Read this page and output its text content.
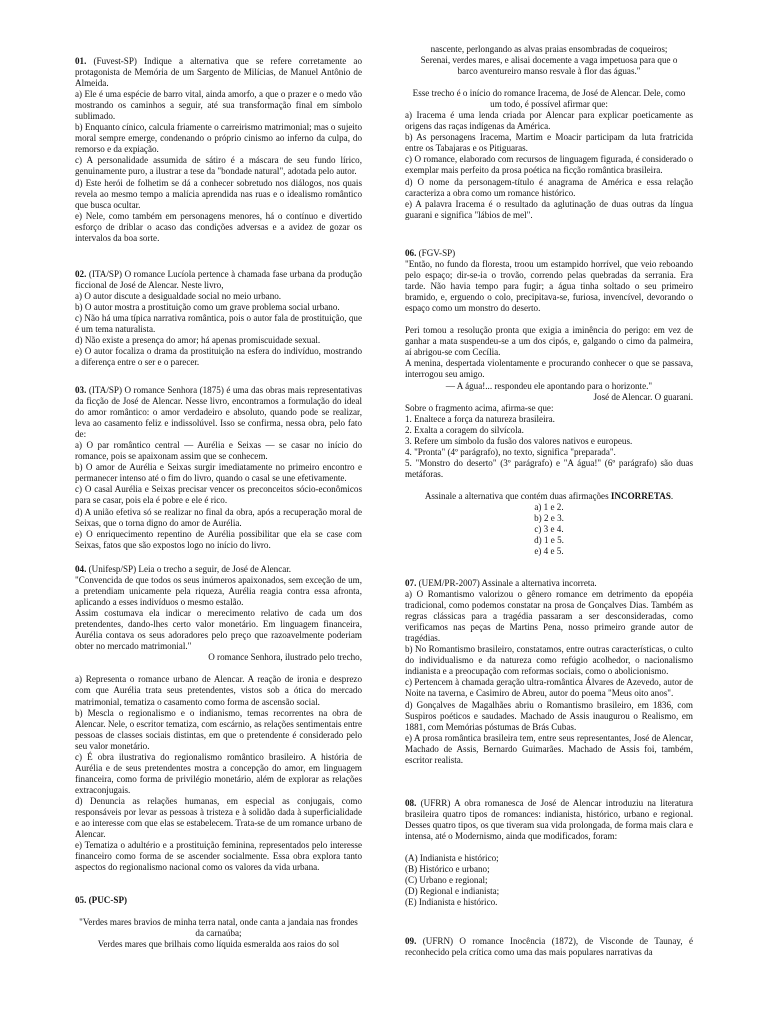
01. (Fuvest-SP) Indique a alternativa que se refere corretamente ao protagonista de Memória de um Sargento de Milícias, de Manuel Antônio de Almeida.

a) Ele é uma espécie de barro vital, ainda amorfo, a que o prazer e o medo vão mostrando os caminhos a seguir, até sua transformação final em símbolo sublimado.

b) Enquanto cínico, calcula friamente o carreirismo matrimonial; mas o sujeito moral sempre emerge, condenando o próprio cinismo ao inferno da culpa, do remorso e da expiação.

c) A personalidade assumida de sátiro é a máscara de seu fundo lírico, genuinamente puro, a ilustrar a tese da "bondade natural", adotada pelo autor.

d) Este herói de folhetim se dá a conhecer sobretudo nos diálogos, nos quais revela ao mesmo tempo a malícia aprendida nas ruas e o idealismo romântico que busca ocultar.

e) Nele, como também em personagens menores, há o contínuo e divertido esforço de driblar o acaso das condições adversas e a avidez de gozar os intervalos da boa sorte.

02. (ITA/SP) O romance Lucíola pertence à chamada fase urbana da produção ficcional de José de Alencar. Neste livro,

a) O autor discute a desigualdade social no meio urbano.

b) O autor mostra a prostituição como um grave problema social urbano.

c) Não há uma típica narrativa romântica, pois o autor fala de prostituição, que é um tema naturalista.

d) Não existe a presença do amor; há apenas promiscuidade sexual.

e) O autor focaliza o drama da prostituição na esfera do indivíduo, mostrando a diferença entre o ser e o parecer.

03. (ITA/SP) O romance Senhora (1875) é uma das obras mais representativas da ficção de José de Alencar. Nesse livro, encontramos a formulação do ideal do amor romântico: o amor verdadeiro e absoluto, quando pode se realizar, leva ao casamento feliz e indissolúvel. Isso se confirma, nessa obra, pelo fato de:

a) O par romântico central — Aurélia e Seixas — se casar no início do romance, pois se apaixonam assim que se conhecem.

b) O amor de Aurélia e Seixas surgir imediatamente no primeiro encontro e permanecer intenso até o fim do livro, quando o casal se une efetivamente.

c) O casal Aurélia e Seixas precisar vencer os preconceitos sócio-econômicos para se casar, pois ela é pobre e ele é rico.

d) A união efetiva só se realizar no final da obra, após a recuperação moral de Seixas, que o torna digno do amor de Aurélia.

e) O enriquecimento repentino de Aurélia possibilitar que ela se case com Seixas, fatos que são expostos logo no início do livro.

04. (Unifesp/SP) Leia o trecho a seguir, de José de Alencar.

"Convencida de que todos os seus inúmeros apaixonados, sem exceção de um, a pretendiam unicamente pela riqueza, Aurélia reagia contra essa afronta, aplicando a esses indivíduos o mesmo estalão.

Assim costumava ela indicar o merecimento relativo de cada um dos pretendentes, dando-lhes certo valor monetário. Em linguagem financeira, Aurélia contava os seus adoradores pelo preço que razoavelmente poderiam obter no mercado matrimonial."

O romance Senhora, ilustrado pelo trecho,

a) Representa o romance urbano de Alencar. A reação de ironia e desprezo com que Aurélia trata seus pretendentes, vistos sob a ótica do mercado matrimonial, tematiza o casamento como forma de ascensão social.

b) Mescla o regionalismo e o indianismo, temas recorrentes na obra de Alencar. Nele, o escritor tematiza, com escárnio, as relações sentimentais entre pessoas de classes sociais distintas, em que o pretendente é considerado pelo seu valor monetário.

c) É obra ilustrativa do regionalismo romântico brasileiro. A história de Aurélia e de seus pretendentes mostra a concepção do amor, em linguagem financeira, como forma de privilégio monetário, além de explorar as relações extraconjugais.

d) Denuncia as relações humanas, em especial as conjugais, como responsáveis por levar as pessoas à tristeza e à solidão dada à superficialidade e ao interesse com que elas se estabelecem. Trata-se de um romance urbano de Alencar.

e) Tematiza o adultério e a prostituição feminina, representados pelo interesse financeiro como forma de se ascender socialmente. Essa obra explora tanto aspectos do regionalismo nacional como os valores da vida urbana.

05. (PUC-SP)

"Verdes mares bravios de minha terra natal, onde canta a jandaia nas frondes da carnaúba;

Verdes mares que brilhais como líquida esmeralda aos raios do sol

nascente, perlongando as alvas praias ensombradas de coqueiros;

Serenai, verdes mares, e alisai docemente a vaga impetuosa para que o

barco aventureiro manso resvale à flor das águas."

Esse trecho é o início do romance Iracema, de José de Alencar. Dele, como

um todo, é possível afirmar que:

a) Iracema é uma lenda criada por Alencar para explicar poeticamente as origens das raças indígenas da América.

b) As personagens Iracema, Martim e Moacir participam da luta fratricida entre os Tabajaras e os Pitiguaras.

c) O romance, elaborado com recursos de linguagem figurada, é considerado o exemplar mais perfeito da prosa poética na ficção romântica brasileira.

d) O nome da personagem-título é anagrama de América e essa relação caracteriza a obra como um romance histórico.

e) A palavra Iracema é o resultado da aglutinação de duas outras da língua guarani e significa "lábios de mel".

06. (FGV-SP)

"Então, no fundo da floresta, troou um estampido horrível, que veio reboando pelo espaço; dir-se-ia o trovão, correndo pelas quebradas da serrania. Era tarde. Não havia tempo para fugir; a água tinha soltado o seu primeiro bramido, e, erguendo o colo, precipitava-se, furiosa, invencível, devorando o espaço como um monstro do deserto.

Peri tomou a resolução pronta que exigia a iminência do perigo: em vez de ganhar a mata suspendeu-se a um dos cipós, e, galgando o cimo da palmeira, aí abrigou-se com Cecília.

A menina, despertada violentamente e procurando conhecer o que se passava, interrogou seu amigo.

— A água!... respondeu ele apontando para o horizonte."

José de Alencar. O guarani.

Sobre o fragmento acima, afirma-se que:

1. Enaltece a força da natureza brasileira.

2. Exalta a coragem do silvícola.

3. Refere um símbolo da fusão dos valores nativos e europeus.

4. "Pronta" (4º parágrafo), no texto, significa "preparada".

5. "Monstro do deserto" (3º parágrafo) e "A água!" (6º parágrafo) são duas metáforas.

Assinale a alternativa que contém duas afirmações INCORRETAS.

a) 1 e 2.

b) 2 e 3.

c) 3 e 4.

d) 1 e 5.

e) 4 e 5.

07. (UEM/PR-2007) Assinale a alternativa incorreta.

a) O Romantismo valorizou o gênero romance em detrimento da epopéia tradicional, como podemos constatar na prosa de Gonçalves Dias. Também as regras clássicas para a tragédia passaram a ser desconsideradas, como verificamos nas peças de Martins Pena, nosso primeiro grande autor de tragédias.

b) No Romantismo brasileiro, constatamos, entre outras características, o culto do individualismo e da natureza como refúgio acolhedor, o nacionalismo indianista e a preocupação com reformas sociais, como o abolicionismo.

c) Pertencem à chamada geração ultra-romântica Álvares de Azevedo, autor de Noite na taverna, e Casimiro de Abreu, autor do poema "Meus oito anos".

d) Gonçalves de Magalhães abriu o Romantismo brasileiro, em 1836, com Suspiros poéticos e saudades. Machado de Assis inaugurou o Realismo, em 1881, com Memórias póstumas de Brás Cubas.

e) A prosa romântica brasileira tem, entre seus representantes, José de Alencar, Machado de Assis, Bernardo Guimarães. Machado de Assis foi, também, escritor realista.

08. (UFRR) A obra romanesca de José de Alencar introduziu na literatura brasileira quatro tipos de romances: indianista, histórico, urbano e regional. Desses quatro tipos, os que tiveram sua vida prolongada, de forma mais clara e intensa, até o Modernismo, ainda que modificados, foram:

(A) Indianista e histórico;

(B) Histórico e urbano;

(C) Urbano e regional;

(D) Regional e indianista;

(E) Indianista e histórico.

09. (UFRN) O romance Inocência (1872), de Visconde de Taunay, é reconhecido pela crítica como uma das mais populares narrativas da
